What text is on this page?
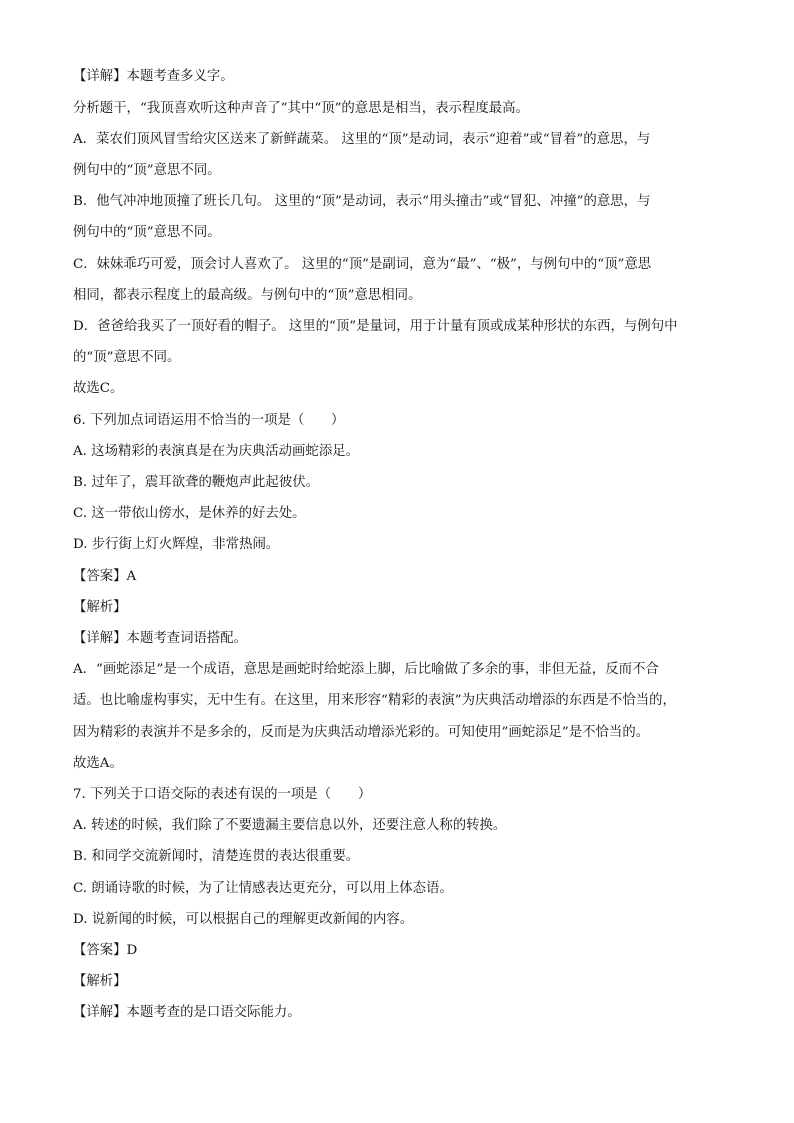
【详解】本题考查多义字。
分析题干，“我顶喜欢听这种声音了”其中“顶”的意思是相当，表示程度最高。
A．菜农们顶风冒雪给灾区送来了新鲜蔬菜。 这里的“顶”是动词，表示“迎着”或“冒着”的意思，与
例句中的“顶”意思不同。
B．他气冲冲地顶撞了班长几句。 这里的“顶”是动词，表示“用头撞击”或“冒犯、冲撞”的意思，与
例句中的“顶”意思不同。
C．妹妹乖巧可爱，顶会讨人喜欢了。 这里的“顶”是副词，意为“最”、“极”，与例句中的“顶”意思
相同，都表示程度上的最高级。与例句中的“顶”意思相同。
D．爸爸给我买了一顶好看的帽子。 这里的“顶”是量词，用于计量有顶或成某种形状的东西，与例句中
的“顶”意思不同。
故选C。
6. 下列加点词语运用不恰当的一项是（　　）
A. 这场精彩的表演真是在为庆典活动画蛇添足。
B. 过年了，震耳欲聋的鞭炮声此起彼伏。
C. 这一带依山傍水，是休养的好去处。
D. 步行街上灯火辉煌，非常热闹。
【答案】A
【解析】
【详解】本题考查词语搭配。
A．“画蛇添足”是一个成语，意思是画蛇时给蛇添上脚，后比喻做了多余的事，非但无益，反而不合
适。也比喻虚构事实，无中生有。在这里，用来形容“精彩的表演”为庆典活动增添的东西是不恰当的，
因为精彩的表演并不是多余的，反而是为庆典活动增添光彩的。可知使用”画蛇添足”是不恰当的。
故选A。
7. 下列关于口语交际的表述有误的一项是（　　）
A. 转述的时候，我们除了不要遗漏主要信息以外，还要注意人称的转换。
B. 和同学交流新闻时，清楚连贯的表达很重要。
C. 朗诵诗歌的时候，为了让情感表达更充分，可以用上体态语。
D. 说新闻的时候，可以根据自己的理解更改新闻的内容。
【答案】D
【解析】
【详解】本题考查的是口语交际能力。
